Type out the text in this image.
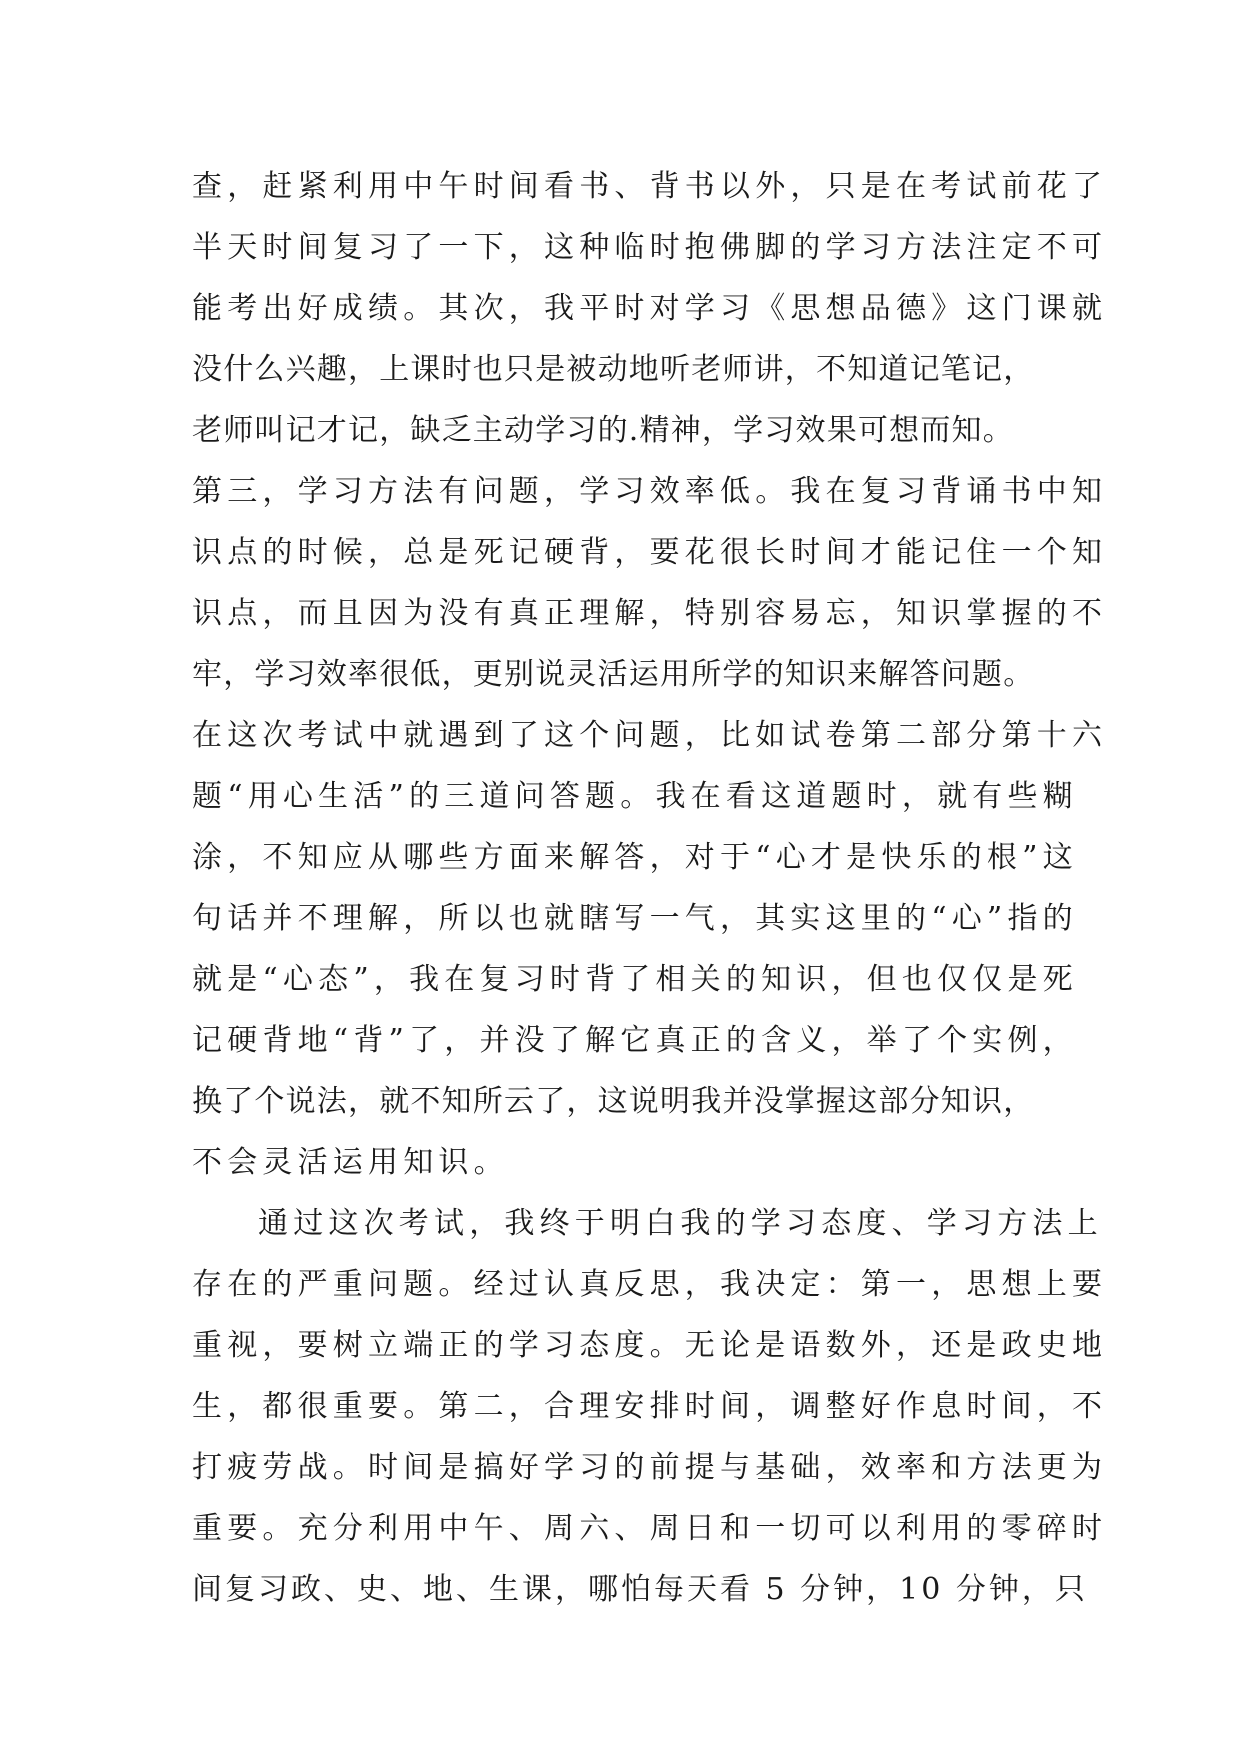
查，赶紧利用中午时间看书、背书以外，只是在考试前花了
半天时间复习了一下，这种临时抱佛脚的学习方法注定不可
能考出好成绩。其次，我平时对学习《思想品德》这门课就
没什么兴趣，上课时也只是被动地听老师讲，不知道记笔记，
老师叫记才记，缺乏主动学习的.精神，学习效果可想而知。
第三，学习方法有问题，学习效率低。我在复习背诵书中知
识点的时候，总是死记硬背，要花很长时间才能记住一个知
识点，而且因为没有真正理解，特别容易忘，知识掌握的不
牢，学习效率很低，更别说灵活运用所学的知识来解答问题。
在这次考试中就遇到了这个问题，比如试卷第二部分第十六
题“用心生活”的三道问答题。我在看这道题时，就有些糊
涂，不知应从哪些方面来解答，对于“心才是快乐的根”这
句话并不理解，所以也就瞎写一气，其实这里的“心”指的
就是“心态”，我在复习时背了相关的知识，但也仅仅是死
记硬背地“背”了，并没了解它真正的含义，举了个实例，
换了个说法，就不知所云了，这说明我并没掌握这部分知识，
不会灵活运用知识。
通过这次考试，我终于明白我的学习态度、学习方法上
存在的严重问题。经过认真反思，我决定：第一，思想上要
重视，要树立端正的学习态度。无论是语数外，还是政史地
生，都很重要。第二，合理安排时间，调整好作息时间，不
打疲劳战。时间是搞好学习的前提与基础，效率和方法更为
重要。充分利用中午、周六、周日和一切可以利用的零碎时
间复习政、史、地、生课，哪怕每天看 5 分钟，10 分钟，只
